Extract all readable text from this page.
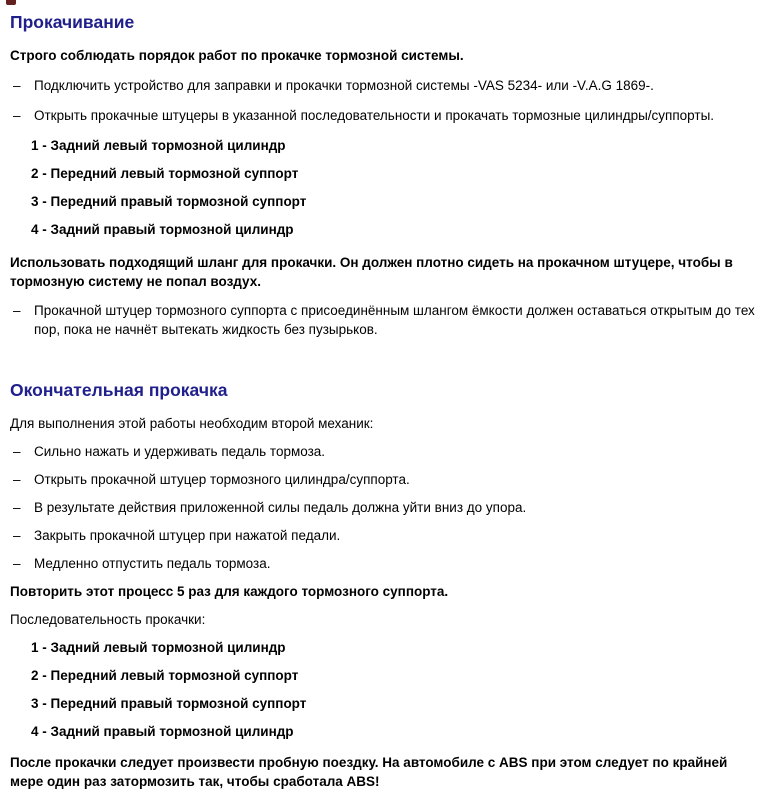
Прокачивание

Строго соблюдать порядок работ по прокачке тормозной системы.

– Подключить устройство для заправки и прокачки тормозной системы -VAS 5234- или -V.A.G 1869-.
– Открыть прокачные штуцеры в указанной последовательности и прокачать тормозные цилиндры/суппорты.
1 - Задний левый тормозной цилиндр
2 - Передний левый тормозной суппорт
3 - Передний правый тормозной суппорт
4 - Задний правый тормозной цилиндр

Использовать подходящий шланг для прокачки. Он должен плотно сидеть на прокачном штуцере, чтобы в тормозную систему не попал воздух.

– Прокачной штуцер тормозного суппорта с присоединённым шлангом ёмкости должен оставаться открытым до тех пор, пока не начнёт вытекать жидкость без пузырьков.
Окончательная прокачка

Для выполнения этой работы необходим второй механик:

– Сильно нажать и удерживать педаль тормоза.
– Открыть прокачной штуцер тормозного цилиндра/суппорта.
– В результате действия приложенной силы педаль должна уйти вниз до упора.
– Закрыть прокачной штуцер при нажатой педали.
– Медленно отпустить педаль тормоза.

Повторить этот процесс 5 раз для каждого тормозного суппорта.

Последовательность прокачки:

1 - Задний левый тормозной цилиндр
2 - Передний левый тормозной суппорт
3 - Передний правый тормозной суппорт
4 - Задний правый тормозной цилиндр

После прокачки следует произвести пробную поездку. На автомобиле с ABS при этом следует по крайней мере один раз затормозить так, чтобы сработала ABS!
